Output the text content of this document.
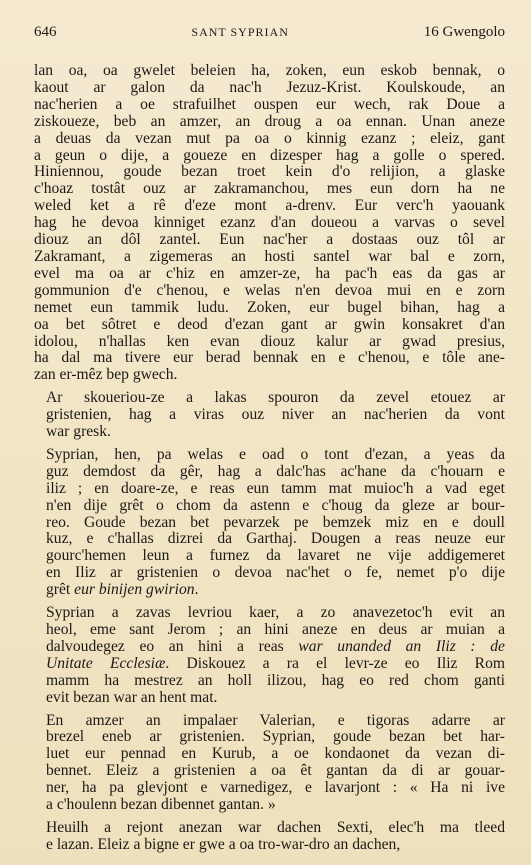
646	SANT SYPRIAN	16 Gwengolo
lan oa, oa gwelet beleien ha, zoken, eun eskob bennak, o
kaout ar galon da nac'h Jezuz-Krist. Koulskoude, an
nac'herien a oe strafuilhet ouspen eur wech, rak Doue a
ziskoueze, beb an amzer, an droug a oa ennan. Unan aneze
a deuas da vezan mut pa oa o kinnig ezanz ; eleiz, gant
a geun o dije, a goueze en dizesper hag a golle o spered.
Hiniennou, goude bezan troet kein d'o relijion, a glaske
c'hoaz tostât ouz ar zakramanchou, mes eun dorn ha ne
weled ket a rê d'eze mont a-drenv. Eur verc'h yaouank
hag he devoa kinniget ezanz d'an doueou a varvas o sevel
diouz an dôl zantel. Eun nac'her a dostaas ouz tôl ar
Zakramant, a zigemeras an hosti santel war bal e zorn,
evel ma oa ar c'hiz en amzer-ze, ha pac'h eas da gas ar
gommunion d'e c'henou, e welas n'en devoa mui en e zorn
nemet eun tammik ludu. Zoken, eur bugel bihan, hag a
oa bet sôtret e deod d'ezan gant ar gwin konsakret d'an
idolou, n'hallas ken evan diouz kalur ar gwad presius,
ha dal ma tivere eur berad bennak en e c'henou, e tôle ane-
zan er-mêz bep gwech.
Ar skoueriou-ze a lakas spouron da zevel etouez ar
gristenien, hag a viras ouz niver an nac'herien da vont
war gresk.
Syprian, hen, pa welas e oad o tont d'ezan, a yeas da
guz demdost da gêr, hag a dalc'has ac'hane da c'houarn e
iliz ; en doare-ze, e reas eun tamm mat muioc'h a vad eget
n'en dije grêt o chom da astenn e c'houg da gleze ar bour-
reo. Goude bezan bet pevarzek pe bemzek miz en e doull
kuz, e c'hallas dizrei da Garthaj. Dougen a reas neuze eur
gourc'hemen leun a furnez da lavaret ne vije addigemeret
en Iliz ar gristenien o devoa nac'het o fe, nemet p'o dije
grêt eur binijen gwirion.
Syprian a zavas levriou kaer, a zo anavezetoc'h evit an
heol, eme sant Jerom ; an hini aneze en deus ar muian a
dalvoudegez eo an hini a reas war unanded an Iliz : de
Unitate Ecclesiæ. Diskouez a ra el levr-ze eo Iliz Rom
mamm ha mestrez an holl ilizou, hag eo red chom ganti
evit bezan war an hent mat.
En amzer an impalaer Valerian, e tigoras adarre ar
brezel eneb ar gristenien. Syprian, goude bezan bet har-
luet eur pennad en Kurub, a oe kondaonet da vezan di-
bennet. Eleiz a gristenien a oa êt gantan da di ar gouar-
ner, ha pa glevjont e varnedigez, e lavarjont : « Ha ni ive
a c'houlenn bezan dibennet gantan. »
Heuilh a rejont anezan war dachen Sexti, elec'h ma tleed
e lazan. Eleiz a bigne er gwe a oa tro-war-dro an dachen,
